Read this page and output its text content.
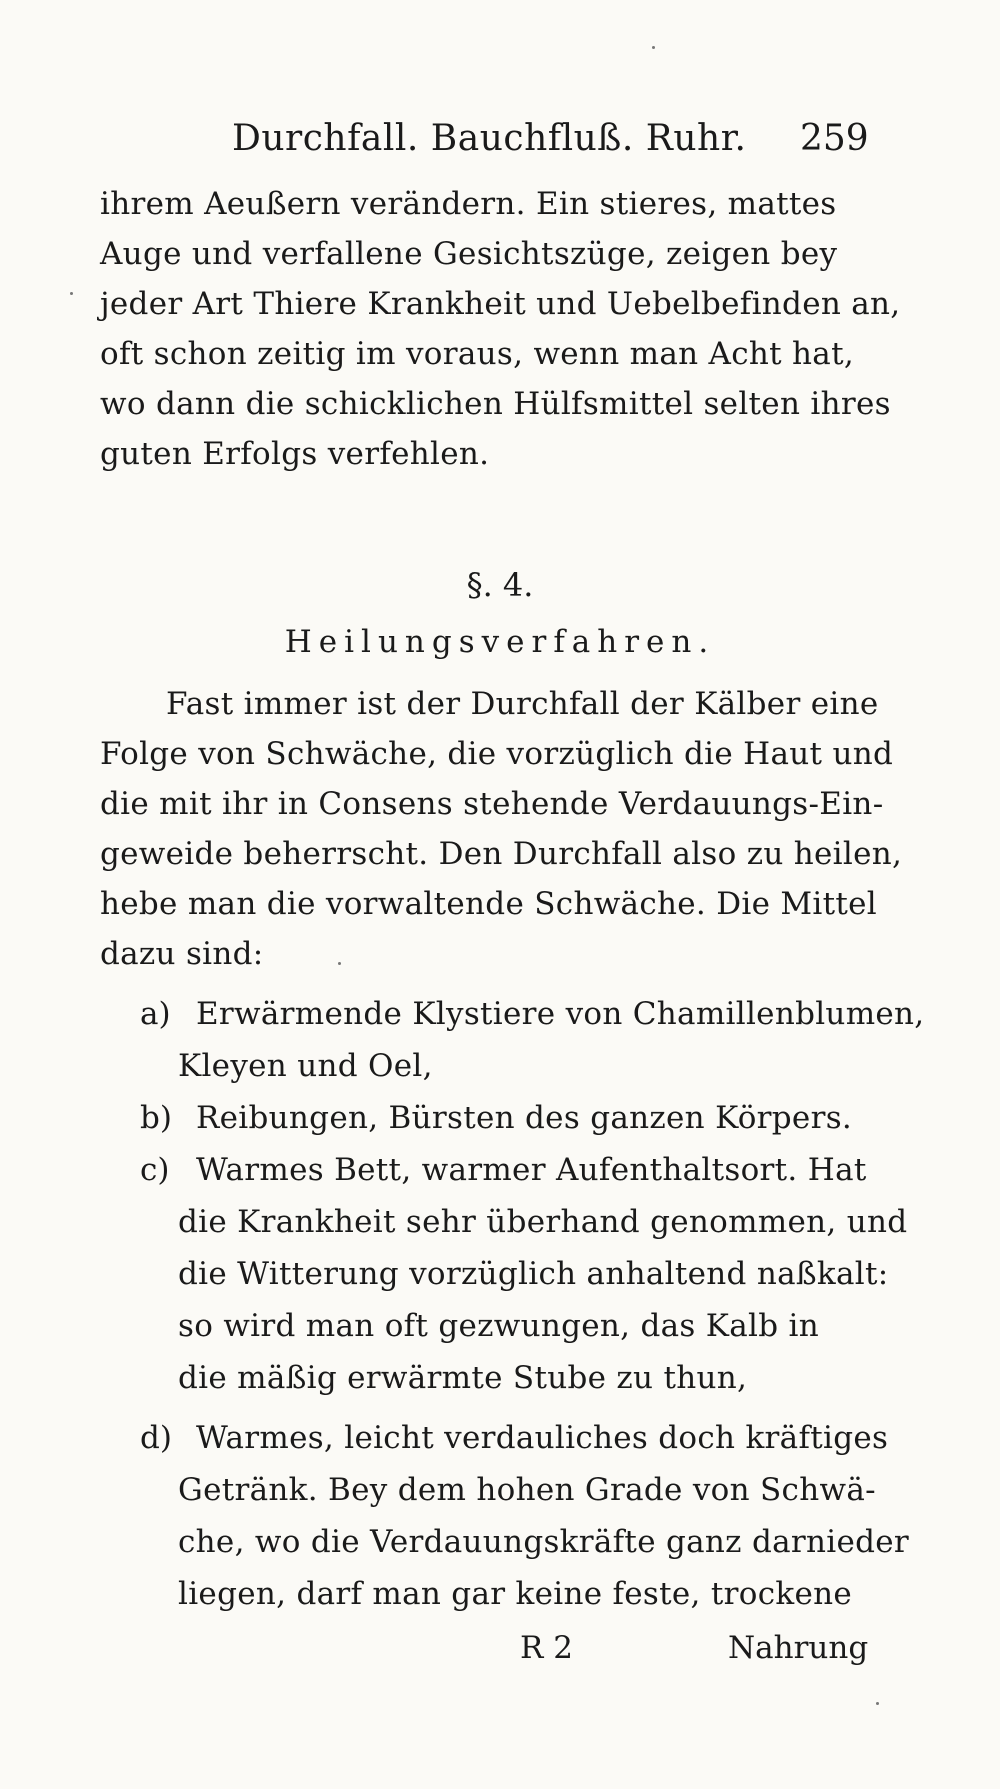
Durchfall. Bauchfluß. Ruhr. 259
ihrem Aeußern verändern. Ein stieres, mattes
Auge und verfallene Gesichtszüge, zeigen bey
jeder Art Thiere Krankheit und Uebelbefinden an,
oft schon zeitig im voraus, wenn man Acht hat,
wo dann die schicklichen Hülfsmittel selten ihres
guten Erfolgs verfehlen.
§. 4.
Heilungsverfahren.
Fast immer ist der Durchfall der Kälber eine
Folge von Schwäche, die vorzüglich die Haut und
die mit ihr in Consens stehende Verdauungs-Ein-
geweide beherrscht. Den Durchfall also zu heilen,
hebe man die vorwaltende Schwäche. Die Mittel
dazu sind:
a) Erwärmende Klystiere von Chamillenblumen,
Kleyen und Oel,
b) Reibungen, Bürsten des ganzen Körpers.
c) Warmes Bett, warmer Aufenthaltsort. Hat
die Krankheit sehr überhand genommen, und
die Witterung vorzüglich anhaltend naßkalt:
so wird man oft gezwungen, das Kalb in
die mäßig erwärmte Stube zu thun,
d) Warmes, leicht verdauliches doch kräftiges
Getränk. Bey dem hohen Grade von Schwä-
che, wo die Verdauungskräfte ganz darnieder
liegen, darf man gar keine feste, trockene
R 2	Nahrung
